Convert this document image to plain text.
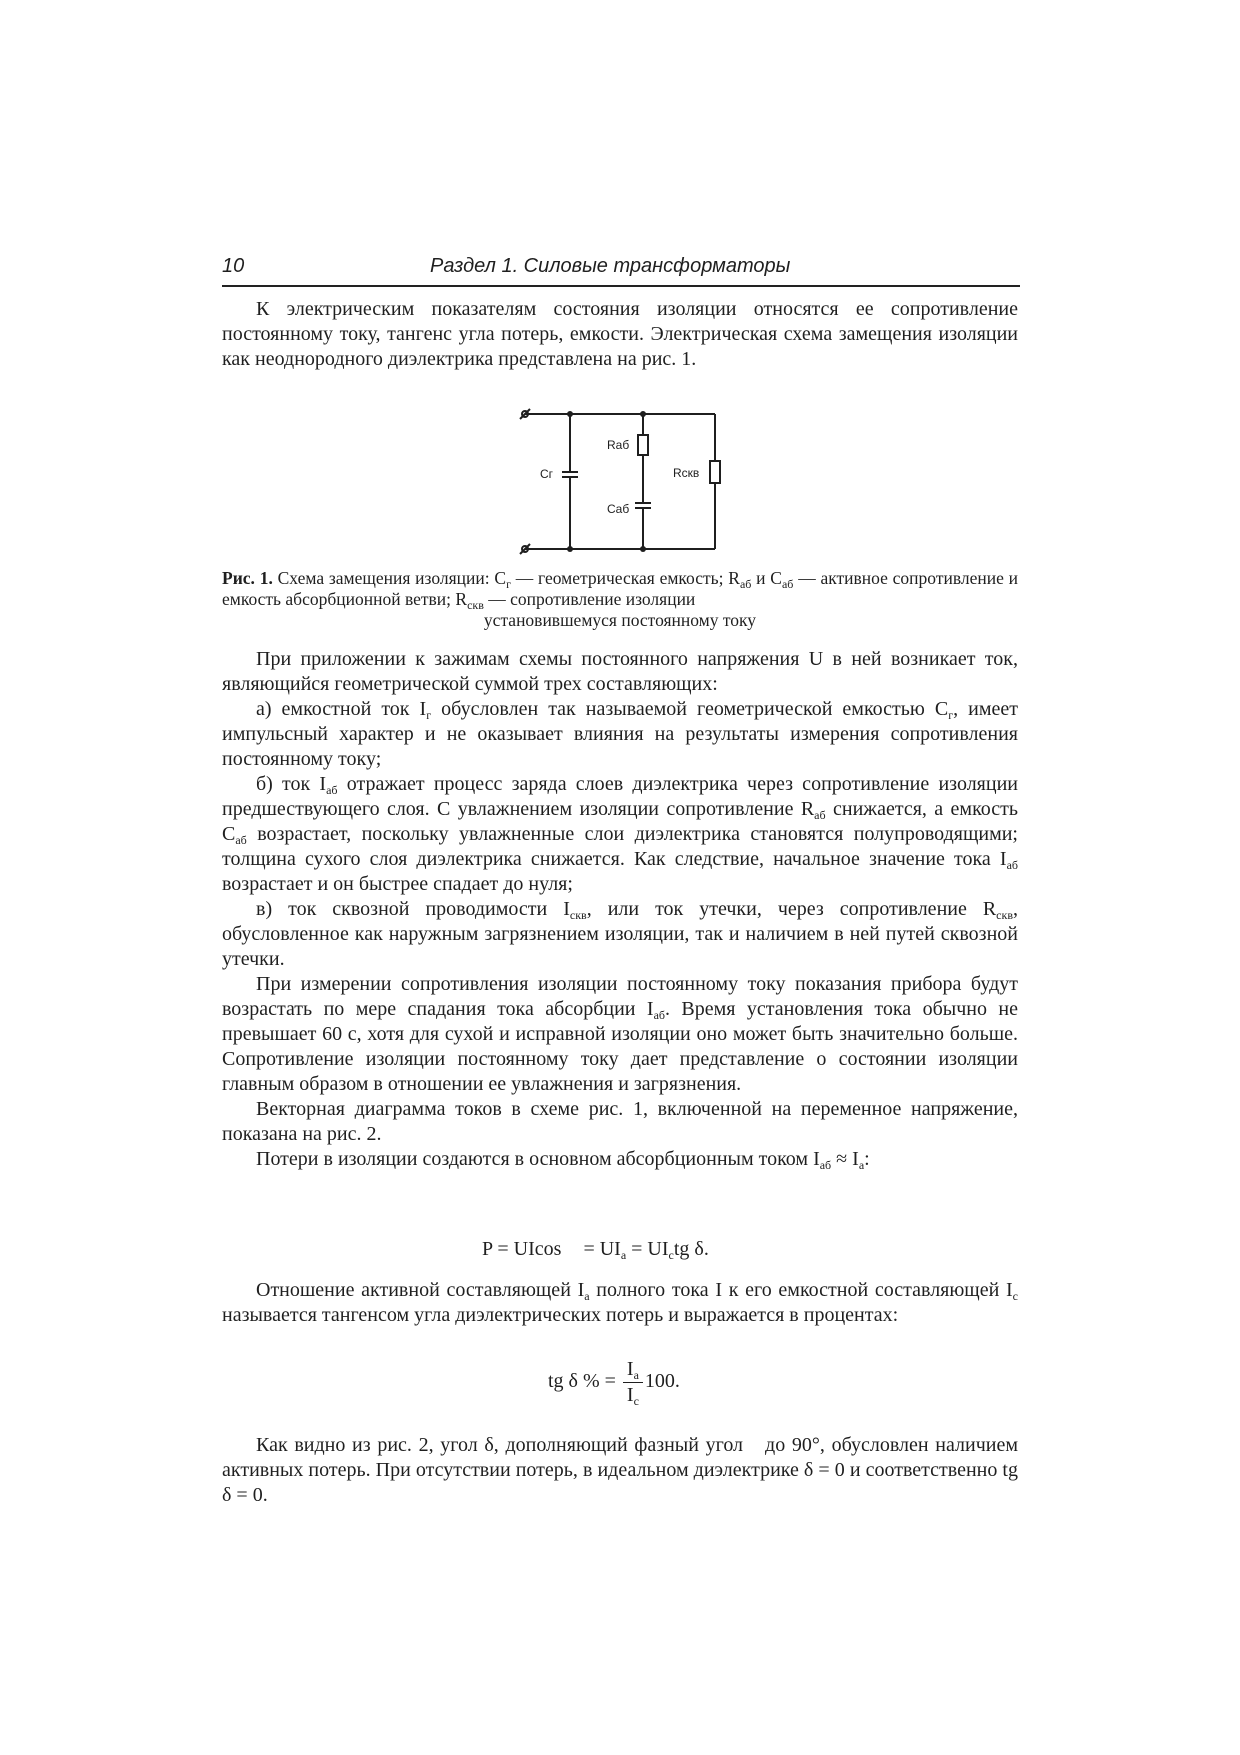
10	Раздел 1. Силовые трансформаторы

К электрическим показателям состояния изоляции относятся ее сопротивление постоянному току, тангенс угла потерь, емкости. Электрическая схема замещения изоляции как неоднородного диэлектрика представлена на рис. 1.

Cг
Rаб
Cаб
Rскв
Рис. 1. Схема замещения изоляции: $C_г$ — геометрическая емкость; $R_{аб}$ и $C_{аб}$ — активное сопротивление и емкость абсорбционной ветви; $R_{скв}$ — сопротивление изоляции
установившемуся постоянному току

При приложении к зажимам схемы постоянного напряжения U в ней возникает ток, являющийся геометрической суммой трех составляющих:

а) емкостной ток $I_г$ обусловлен так называемой геометрической емкостью $C_г$, имеет импульсный характер и не оказывает влияния на результаты измерения сопротивления постоянному току;

б) ток $I_{аб}$ отражает процесс заряда слоев диэлектрика через сопротивление изоляции предшествующего слоя. С увлажнением изоляции сопротивление $R_{аб}$ снижается, а емкость $C_{аб}$ возрастает, поскольку увлажненные слои диэлектрика становятся полупроводящими; толщина сухого слоя диэлектрика снижается. Как следствие, начальное значение тока $I_{аб}$ возрастает и он быстрее спадает до нуля;

в) ток сквозной проводимости $I_{скв}$, или ток утечки, через сопротивление $R_{скв}$, обусловленное как наружным загрязнением изоляции, так и наличием в ней путей сквозной утечки.

При измерении сопротивления изоляции постоянному току показания прибора будут возрастать по мере спадания тока абсорбции $I_{аб}$. Время установления тока обычно не превышает 60 с, хотя для сухой и исправной изоляции оно может быть значительно больше. Сопротивление изоляции постоянному току дает представление о состоянии изоляции главным образом в отношении ее увлажнения и загрязнения.

Векторная диаграмма токов в схеме рис. 1, включенной на переменное напряжение, показана на рис. 2.

Потери в изоляции создаются в основном абсорбционным током $I_{аб} \approx I_а$:

$P = UIcos = UI_а = UI_сtg$ δ.

Отношение активной составляющей $I_а$ полного тока I к его емкостной составляющей $I_с$ называется тангенсом угла диэлектрических потерь и выражается в процентах:

tg δ % = $\frac{I_a}{I_c} 100$.

Как видно из рис. 2, угол δ, дополняющий фазный угол до 90°, обусловлен наличием активных потерь. При отсутствии потерь, в идеальном диэлектрике δ = 0 и соответственно tg δ = 0.
